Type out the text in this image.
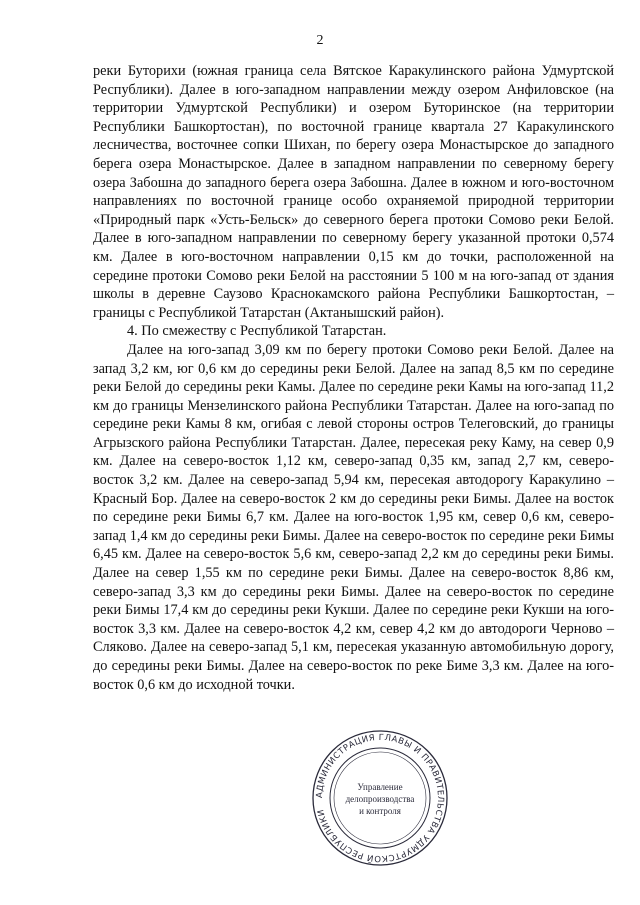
2

реки Буторихи (южная граница села Вятское Каракулинского района Удмуртской Республики). Далее в юго-западном направлении между озером Анфиловское (на территории Удмуртской Республики) и озером Буторинское (на территории Республики Башкортостан), по восточной границе квартала 27 Каракулинского лесничества, восточнее сопки Шихан, по берегу озера Монастырское до западного берега озера Монастырское. Далее в западном направлении по северному берегу озера Забошна до западного берега озера Забошна. Далее в южном и юго-восточном направлениях по восточной границе особо охраняемой природной территории «Природный парк «Усть-Бельск» до северного берега протоки Сомово реки Белой. Далее в юго-западном направлении по северному берегу указанной протоки 0,574 км. Далее в юго-восточном направлении 0,15 км до точки, расположенной на середине протоки Сомово реки Белой на расстоянии 5 100 м на юго-запад от здания школы в деревне Саузово Краснокамского района Республики Башкортостан, – границы с Республикой Татарстан (Актанышский район).

4. По смежеству с Республикой Татарстан.

Далее на юго-запад 3,09 км по берегу протоки Сомово реки Белой. Далее на запад 3,2 км, юг 0,6 км до середины реки Белой. Далее на запад 8,5 км по середине реки Белой до середины реки Камы. Далее по середине реки Камы на юго-запад 11,2 км до границы Мензелинского района Республики Татарстан. Далее на юго-запад по середине реки Камы 8 км, огибая с левой стороны остров Телеговский, до границы Агрызского района Республики Татарстан. Далее, пересекая реку Каму, на север 0,9 км. Далее на северо-восток 1,12 км, северо-запад 0,35 км, запад 2,7 км, северо-восток 3,2 км. Далее на северо-запад 5,94 км, пересекая автодорогу Каракулино – Красный Бор. Далее на северо-восток 2 км до середины реки Бимы. Далее на восток по середине реки Бимы 6,7 км. Далее на юго-восток 1,95 км, север 0,6 км, северо-запад 1,4 км до середины реки Бимы. Далее на северо-восток по середине реки Бимы 6,45 км. Далее на северо-восток 5,6 км, северо-запад 2,2 км до середины реки Бимы. Далее на север 1,55 км по середине реки Бимы. Далее на северо-восток 8,86 км, северо-запад 3,3 км до середины реки Бимы. Далее на северо-восток по середине реки Бимы 17,4 км до середины реки Кукши. Далее по середине реки Кукши на юго-восток 3,3 км. Далее на северо-восток 4,2 км, север 4,2 км до автодороги Черново – Сляково. Далее на северо-запад 5,1 км, пересекая указанную автомобильную дорогу, до середины реки Бимы. Далее на северо-восток по реке Биме 3,3 км. Далее на юго-восток 0,6 км до исходной точки.

АДМИНИСТРАЦИЯ ГЛАВЫ И ПРАВИТЕЛЬСТВА УДМУРТСКОЙ РЕСПУБЛИКИ
Управление
делопроизводства
и контроля
